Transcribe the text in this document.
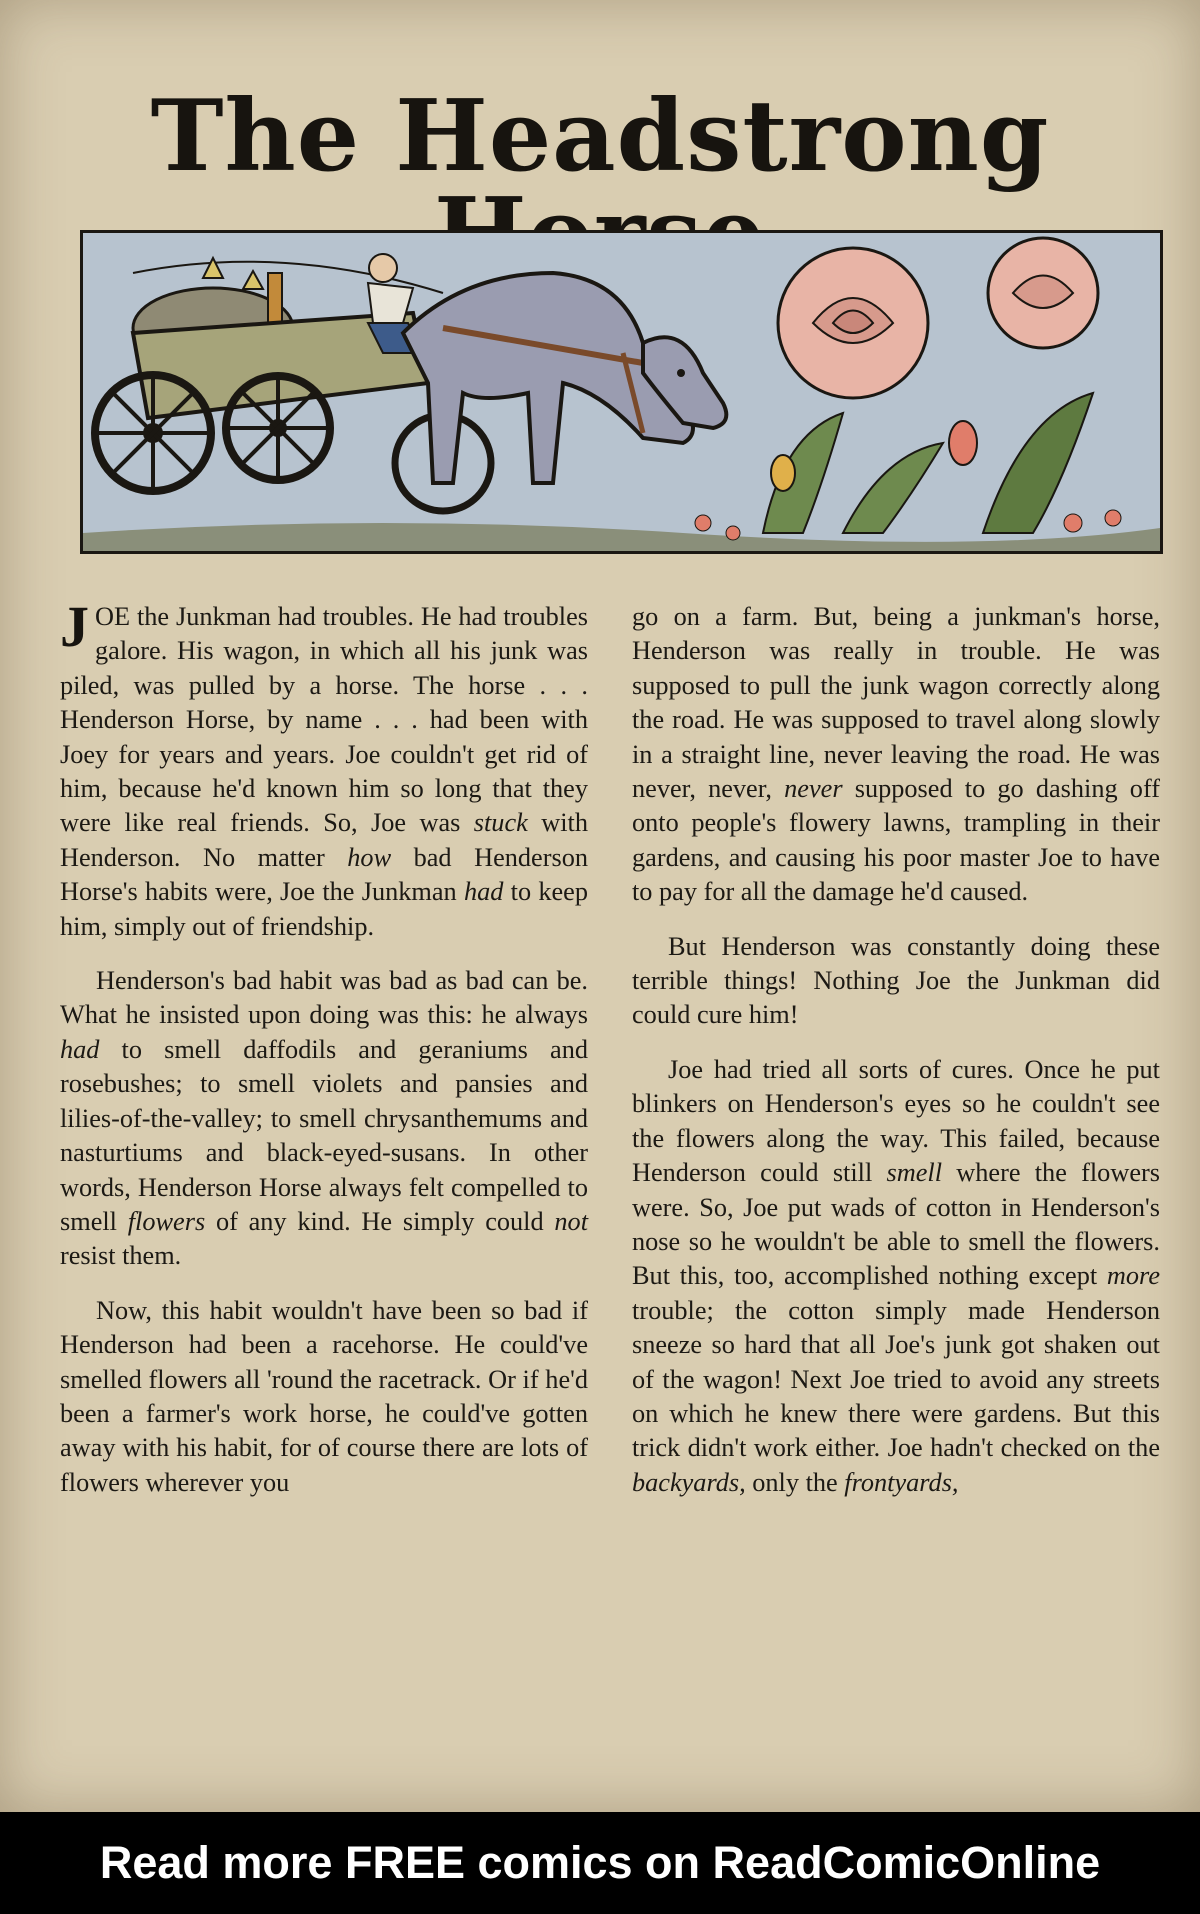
The Headstrong

JOE the Junkman had troubles. He had troubles galore. His wagon, in which all his junk was piled, was pulled by a horse. The horse . . . Henderson Horse, by name . . . had been with Joey for years and years. Joe couldn't get rid of him, because he'd known him so long that they were like real friends. So, Joe was stuck with Henderson. No matter how bad Henderson Horse's habits were, Joe the Junkman had to keep him, simply out of friendship.

Henderson's bad habit was bad as bad can be. What he insisted upon doing was this: he always had to smell daffodils and geraniums and rosebushes; to smell violets and pansies and lilies-of-the-valley; to smell chrysanthemums and nasturtiums and black-eyed-susans. In other words, Henderson Horse always felt compelled to smell flowers of any kind. He simply could not resist them.

Now, this habit wouldn't have been so bad if Henderson had been a racehorse. He could've smelled flowers all 'round the racetrack. Or if he'd been a farmer's work horse, he could've gotten away with his habit, for of course there are lots of flowers wherever you

go on a farm. But, being a junkman's horse, Henderson was really in trouble. He was supposed to pull the junk wagon correctly along the road. He was supposed to travel along slowly in a straight line, never leaving the road. He was never, never, never supposed to go dashing off onto people's flowery lawns, trampling in their gardens, and causing his poor master Joe to have to pay for all the damage he'd caused.

But Henderson was constantly doing these terrible things! Nothing Joe the Junkman did could cure him!

Joe had tried all sorts of cures. Once he put blinkers on Henderson's eyes so he couldn't see the flowers along the way. This failed, because Henderson could still smell where the flowers were. So, Joe put wads of cotton in Henderson's nose so he wouldn't be able to smell the flowers. But this, too, accomplished nothing except more trouble; the cotton simply made Henderson sneeze so hard that all Joe's junk got shaken out of the wagon! Next Joe tried to avoid any streets on which he knew there were gardens. But this trick didn't work either. Joe hadn't checked on the backyards, only the frontyards,

Read more FREE comics on ReadComicOnline
